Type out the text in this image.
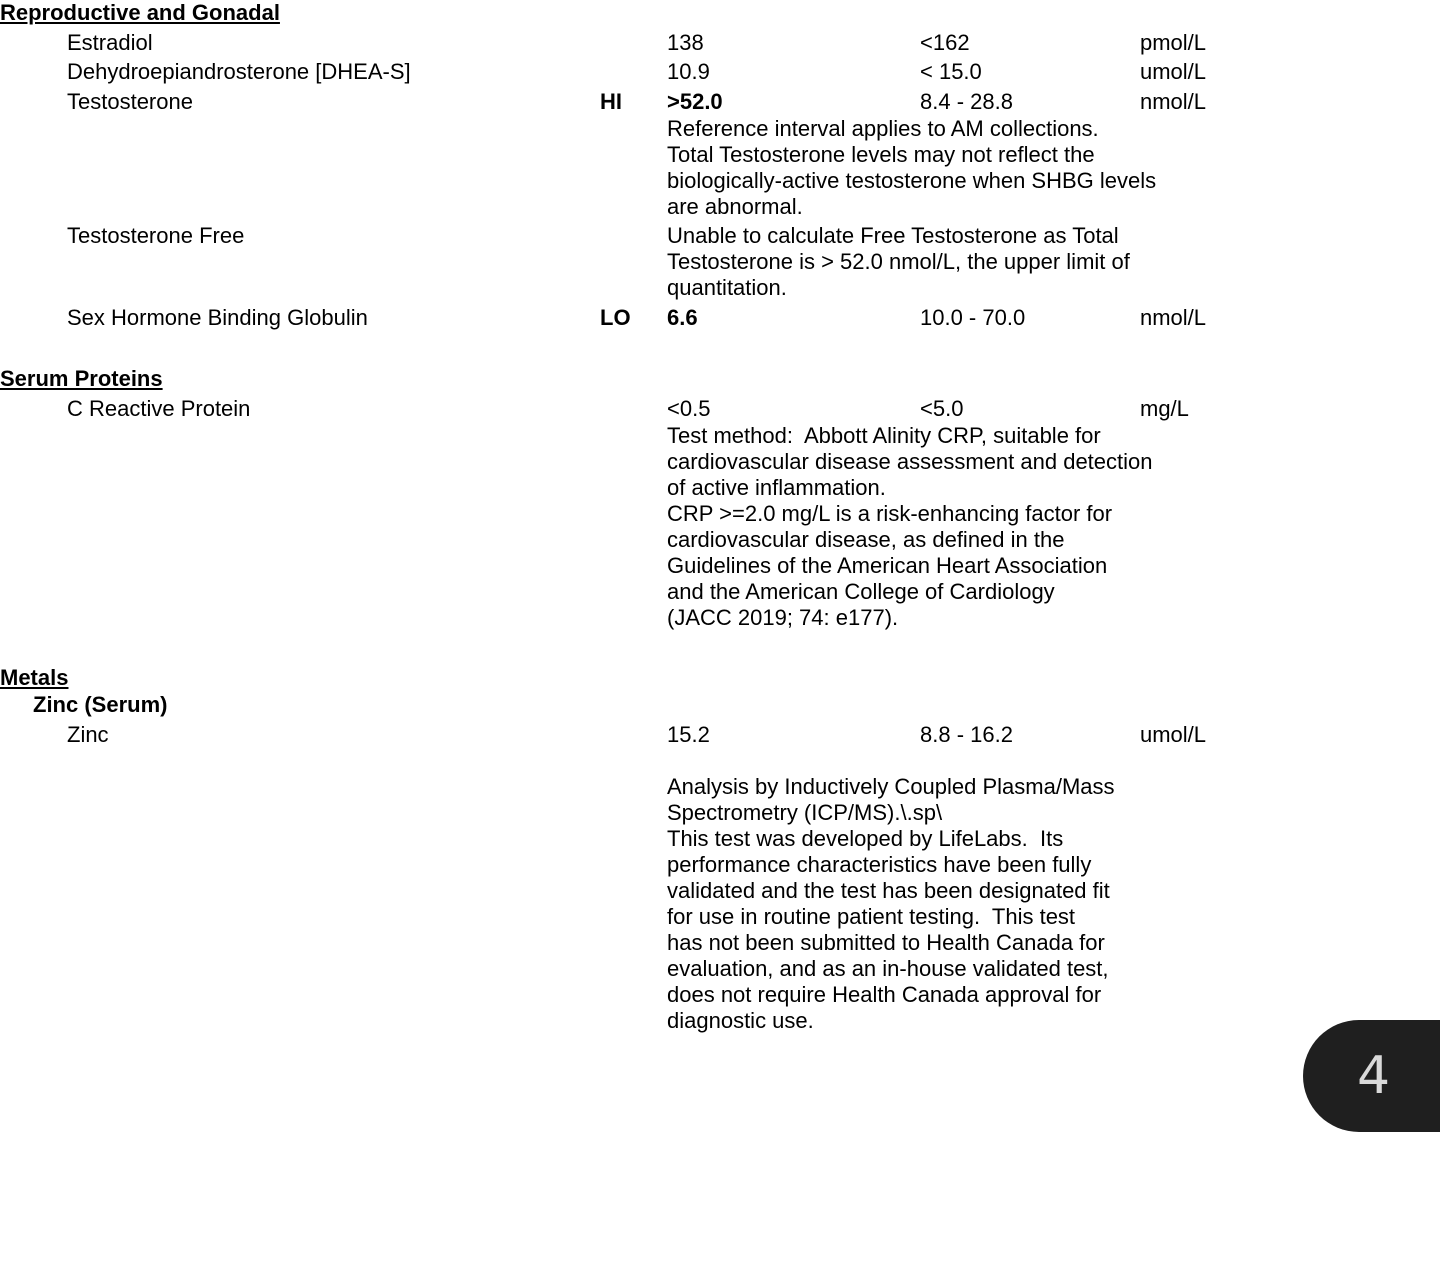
Reproductive and Gonadal
Estradiol	138	<162	pmol/L
Dehydroepiandrosterone [DHEA-S]	10.9	< 15.0	umol/L
Testosterone	HI >52.0	8.4 - 28.8	nmol/L
Reference interval applies to AM collections.
Total Testosterone levels may not reflect the
biologically-active testosterone when SHBG levels
are abnormal.
Testosterone Free	Unable to calculate Free Testosterone as Total
Testosterone is > 52.0 nmol/L, the upper limit of
quantitation.
Sex Hormone Binding Globulin	LO 6.6	10.0 - 70.0	nmol/L
Serum Proteins
C Reactive Protein	<0.5	<5.0	mg/L
Test method:  Abbott Alinity CRP, suitable for
cardiovascular disease assessment and detection
of active inflammation.
CRP >=2.0 mg/L is a risk-enhancing factor for
cardiovascular disease, as defined in the
Guidelines of the American Heart Association
and the American College of Cardiology
(JACC 2019; 74: e177).
Metals
Zinc (Serum)
Zinc	15.2	8.8 - 16.2	umol/L
Analysis by Inductively Coupled Plasma/Mass
Spectrometry (ICP/MS).\.sp\
This test was developed by LifeLabs.  Its
performance characteristics have been fully
validated and the test has been designated fit
for use in routine patient testing.  This test
has not been submitted to Health Canada for
evaluation, and as an in-house validated test,
does not require Health Canada approval for
diagnostic use.
4
